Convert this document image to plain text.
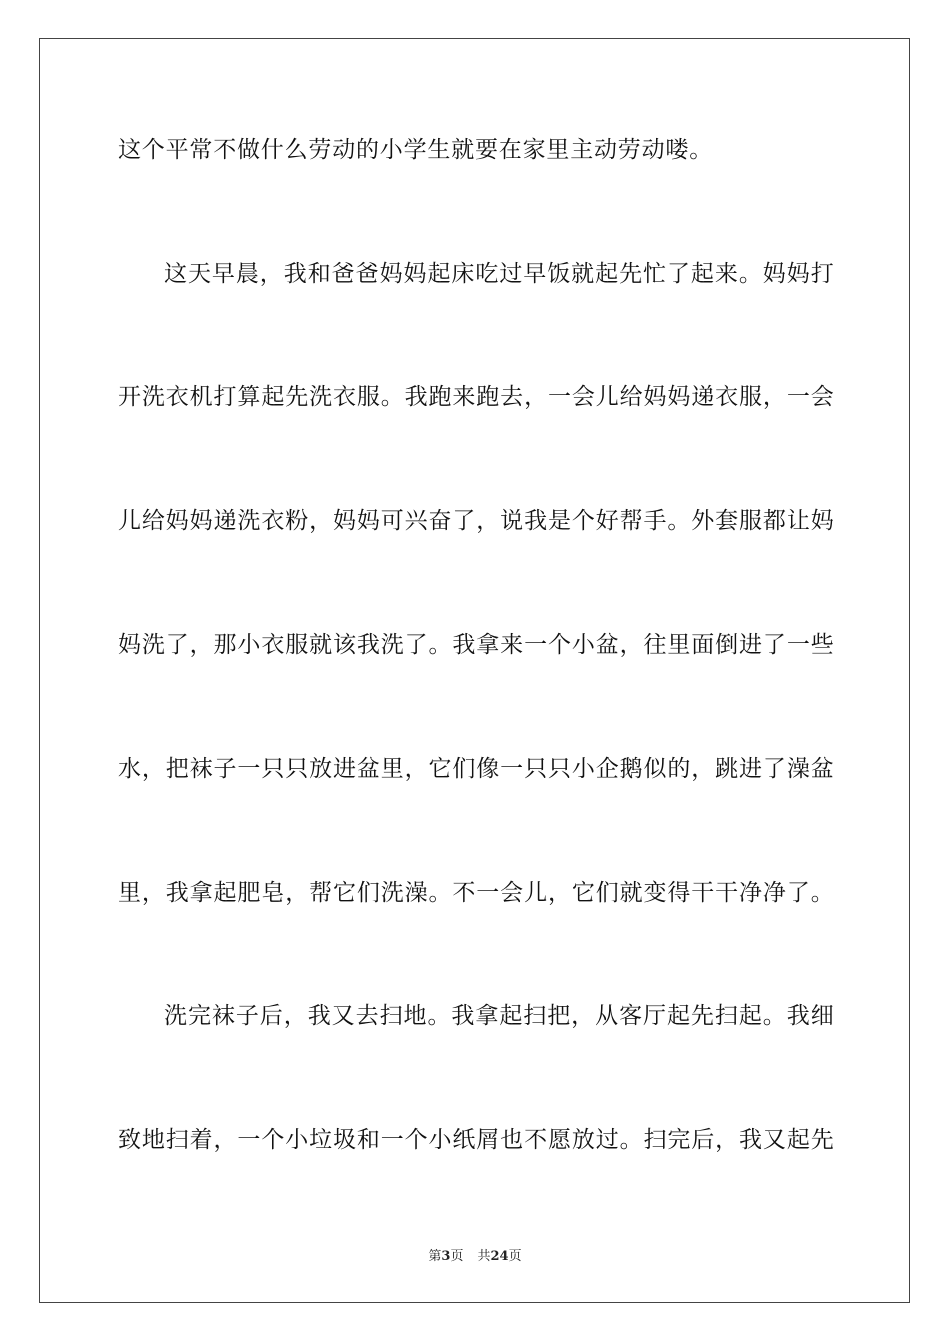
这个平常不做什么劳动的小学生就要在家里主动劳动喽。
这天早晨，我和爸爸妈妈起床吃过早饭就起先忙了起来。妈妈打
开洗衣机打算起先洗衣服。我跑来跑去，一会儿给妈妈递衣服，一会
儿给妈妈递洗衣粉，妈妈可兴奋了，说我是个好帮手。外套服都让妈
妈洗了，那小衣服就该我洗了。我拿来一个小盆，往里面倒进了一些
水，把袜子一只只放进盆里，它们像一只只小企鹅似的，跳进了澡盆
里，我拿起肥皂，帮它们洗澡。不一会儿，它们就变得干干净净了。
洗完袜子后，我又去扫地。我拿起扫把，从客厅起先扫起。我细
致地扫着，一个小垃圾和一个小纸屑也不愿放过。扫完后，我又起先
第3页 共24页
